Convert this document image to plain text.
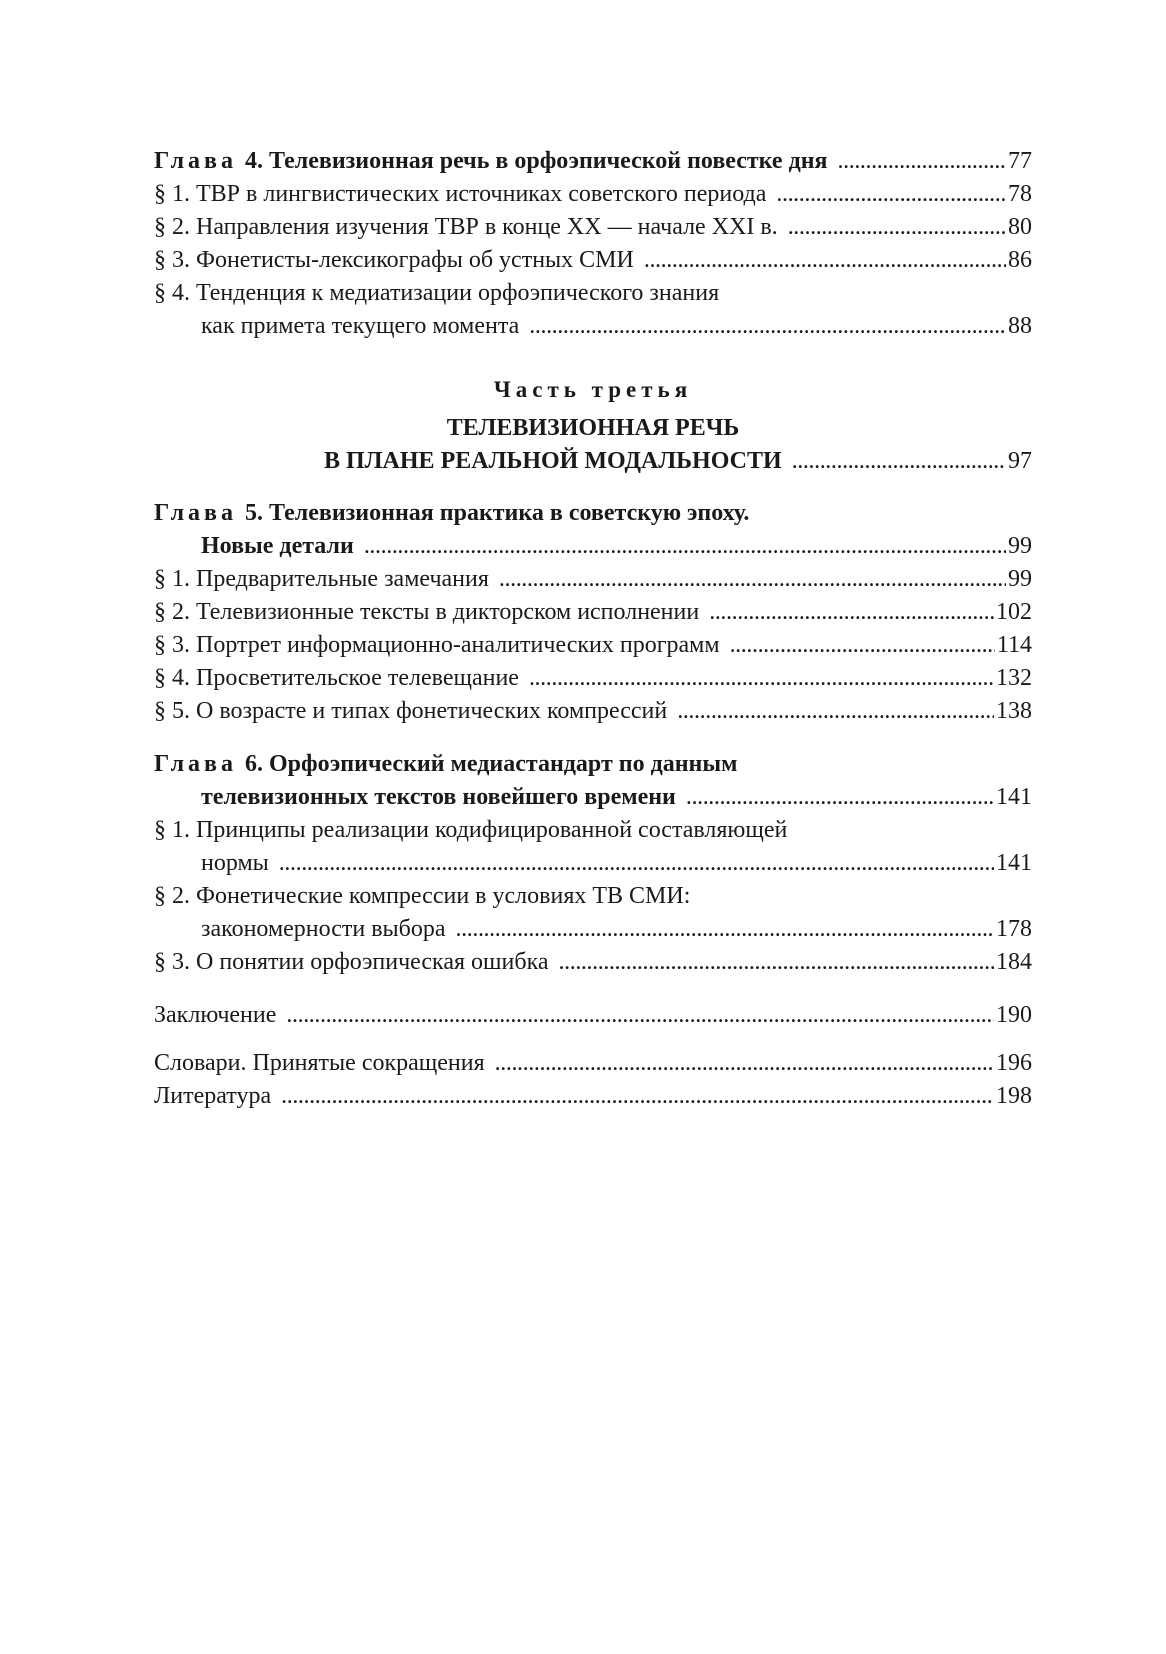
Глава 4. Телевизионная речь в орфоэпической повестке дня . . .	77
§ 1. ТВР в лингвистических источниках советского периода . . .	78
§ 2. Направления изучения ТВР в конце XX — начале XXI в. . . .	80
§ 3. Фонетисты-лексикографы об устных СМИ . . .	86
§ 4. Тенденция к медиатизации орфоэпического знания
как примета текущего момента . . .	88
Часть третья
ТЕЛЕВИЗИОННАЯ РЕЧЬ
В ПЛАНЕ РЕАЛЬНОЙ МОДАЛЬНОСТИ . . .	97
Глава 5. Телевизионная практика в советскую эпоху.
Новые детали . . .	99
§ 1. Предварительные замечания . . .	99
§ 2. Телевизионные тексты в дикторском исполнении . . .	102
§ 3. Портрет информационно-аналитических программ . . .	114
§ 4. Просветительское телевещание . . .	132
§ 5. О возрасте и типах фонетических компрессий . . .	138
Глава 6. Орфоэпический медиастандарт по данным
телевизионных текстов новейшего времени . . .	141
§ 1. Принципы реализации кодифицированной составляющей
нормы . . .	141
§ 2. Фонетические компрессии в условиях ТВ СМИ:
закономерности выбора . . .	178
§ 3. О понятии орфоэпическая ошибка . . .	184
Заключение . . .	190
Словари. Принятые сокращения . . .	196
Литература . . .	198
